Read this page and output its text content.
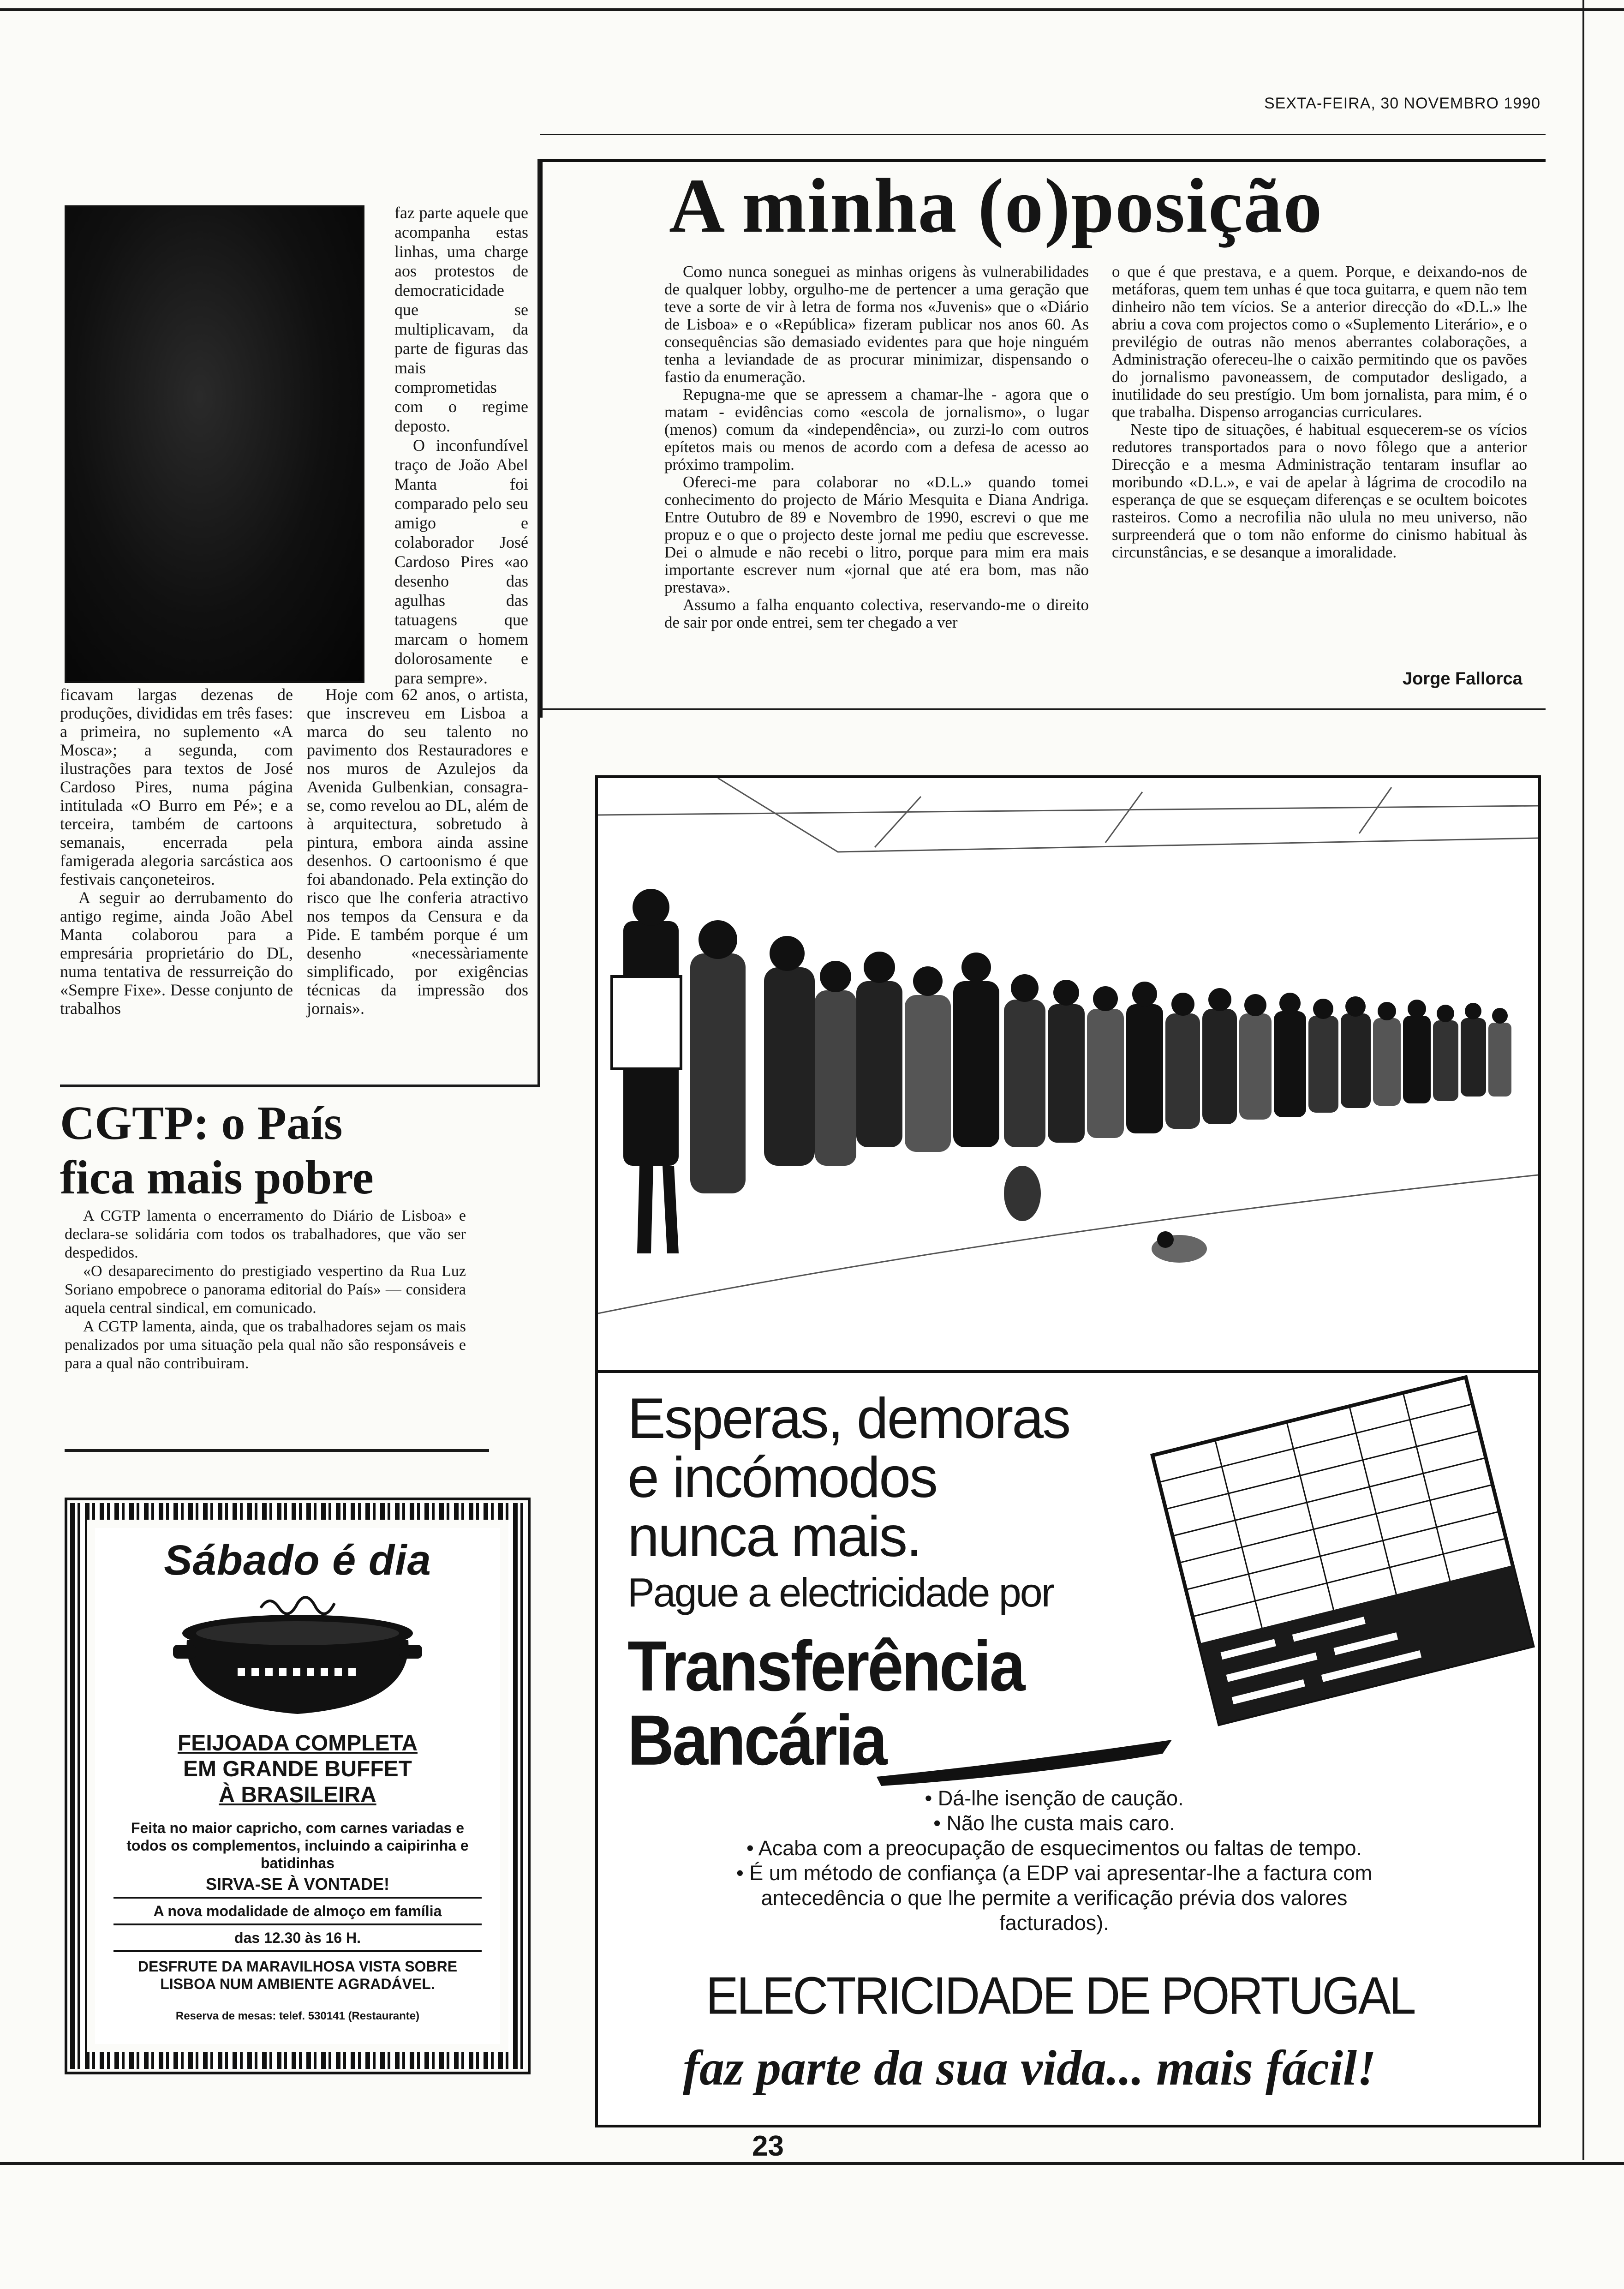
SEXTA-FEIRA, 30 NOVEMBRO 1990

faz parte aquele que acompanha estas linhas, uma charge aos protestos de democraticidade que se multiplicavam, da parte de figuras das mais comprometidas com o regime deposto.

O inconfundível traço de João Abel Manta foi comparado pelo seu amigo e colaborador José Cardoso Pires «ao desenho das agulhas das tatuagens que marcam o homem dolorosamente e para sempre».

ficavam largas dezenas de produções, divididas em três fases: a primeira, no suplemento «A Mosca»; a segunda, com ilustrações para textos de José Cardoso Pires, numa página intitulada «O Burro em Pé»; e a terceira, também de cartoons semanais, encerrada pela famigerada alegoria sarcástica aos festivais cançoneteiros.

A seguir ao derrubamento do antigo regime, ainda João Abel Manta colaborou para a empresária proprietário do DL, numa tentativa de ressurreição do «Sempre Fixe». Desse conjunto de trabalhos

Hoje com 62 anos, o artista, que inscreveu em Lisboa a marca do seu talento no pavimento dos Restauradores e nos muros de Azulejos da Avenida Gulbenkian, consagra-se, como revelou ao DL, além de à arquitectura, sobretudo à pintura, embora ainda assine desenhos. O cartoonismo é que foi abandonado. Pela extinção do risco que lhe conferia atractivo nos tempos da Censura e da Pide. E também porque é um desenho «necessàriamente simplificado, por exigências técnicas da impressão dos jornais».

A minha (o)posição

Como nunca soneguei as minhas origens às vulnerabilidades de qualquer lobby, orgulho-me de pertencer a uma geração que teve a sorte de vir à letra de forma nos «Juvenis» que o «Diário de Lisboa» e o «República» fizeram publicar nos anos 60. As consequências são demasiado evidentes para que hoje ninguém tenha a leviandade de as procurar minimizar, dispensando o fastio da enumeração.

Repugna-me que se apressem a chamar-lhe - agora que o matam - evidências como «escola de jornalismo», o lugar (menos) comum da «independência», ou zurzi-lo com outros epítetos mais ou menos de acordo com a defesa de acesso ao próximo trampolim.

Ofereci-me para colaborar no «D.L.» quando tomei conhecimento do projecto de Mário Mesquita e Diana Andriga. Entre Outubro de 89 e Novembro de 1990, escrevi o que me propuz e o que o projecto deste jornal me pediu que escrevesse. Dei o almude e não recebi o litro, porque para mim era mais importante escrever num «jornal que até era bom, mas não prestava».

Assumo a falha enquanto colectiva, reservando-me o direito de sair por onde entrei, sem ter chegado a ver

o que é que prestava, e a quem. Porque, e deixando-nos de metáforas, quem tem unhas é que toca guitarra, e quem não tem dinheiro não tem vícios. Se a anterior direcção do «D.L.» lhe abriu a cova com projectos como o «Suplemento Literário», e o previlégio de outras não menos aberrantes colaborações, a Administração ofereceu-lhe o caixão permitindo que os pavões do jornalismo pavoneassem, de computador desligado, a inutilidade do seu prestígio. Um bom jornalista, para mim, é o que trabalha. Dispenso arrogancias curriculares.

Neste tipo de situações, é habitual esquecerem-se os vícios redutores transportados para o novo fôlego que a anterior Direcção e a mesma Administração tentaram insuflar ao moribundo «D.L.», e vai de apelar à lágrima de crocodilo na esperança de que se esqueçam diferenças e se ocultem boicotes rasteiros. Como a necrofilia não ulula no meu universo, não surpreenderá que o tom não enforme do cinismo habitual às circunstâncias, e se desanque a imoralidade.

Jorge Fallorca
CGTP: o País
fica mais pobre

A CGTP lamenta o encerramento do Diário de Lisboa» e declara-se solidária com todos os trabalhadores, que vão ser despedidos.

«O desaparecimento do prestigiado vespertino da Rua Luz Soriano empobrece o panorama editorial do País» — considera aquela central sindical, em comunicado.

A CGTP lamenta, ainda, que os trabalhadores sejam os mais penalizados por uma situação pela qual não são responsáveis e para a qual não contribuiram.

Sábado é dia
FEIJOADA COMPLETA
EM GRANDE BUFFET
À BRASILEIRA
Feita no maior capricho, com carnes variadas e todos os complementos, incluindo a caipirinha e batidinhas
SIRVA-SE À VONTADE!
A nova modalidade de almoço em família
das 12.30 às 16 H.
DESFRUTE DA MARAVILHOSA VISTA SOBRE LISBOA NUM AMBIENTE AGRADÁVEL.
Reserva de mesas: telef. 530141 (Restaurante)
Esperas, demoras
e incómodos
nunca mais.
Pague a electricidade por
Transferência
Bancária
• Dá-lhe isenção de caução.
• Não lhe custa mais caro.
• Acaba com a preocupação de esquecimentos ou faltas de tempo.
• É um método de confiança (a EDP vai apresentar-lhe a factura com antecedência o que lhe permite a verificação prévia dos valores facturados).
ELECTRICIDADE DE PORTUGAL
faz parte da sua vida... mais fácil!
23
